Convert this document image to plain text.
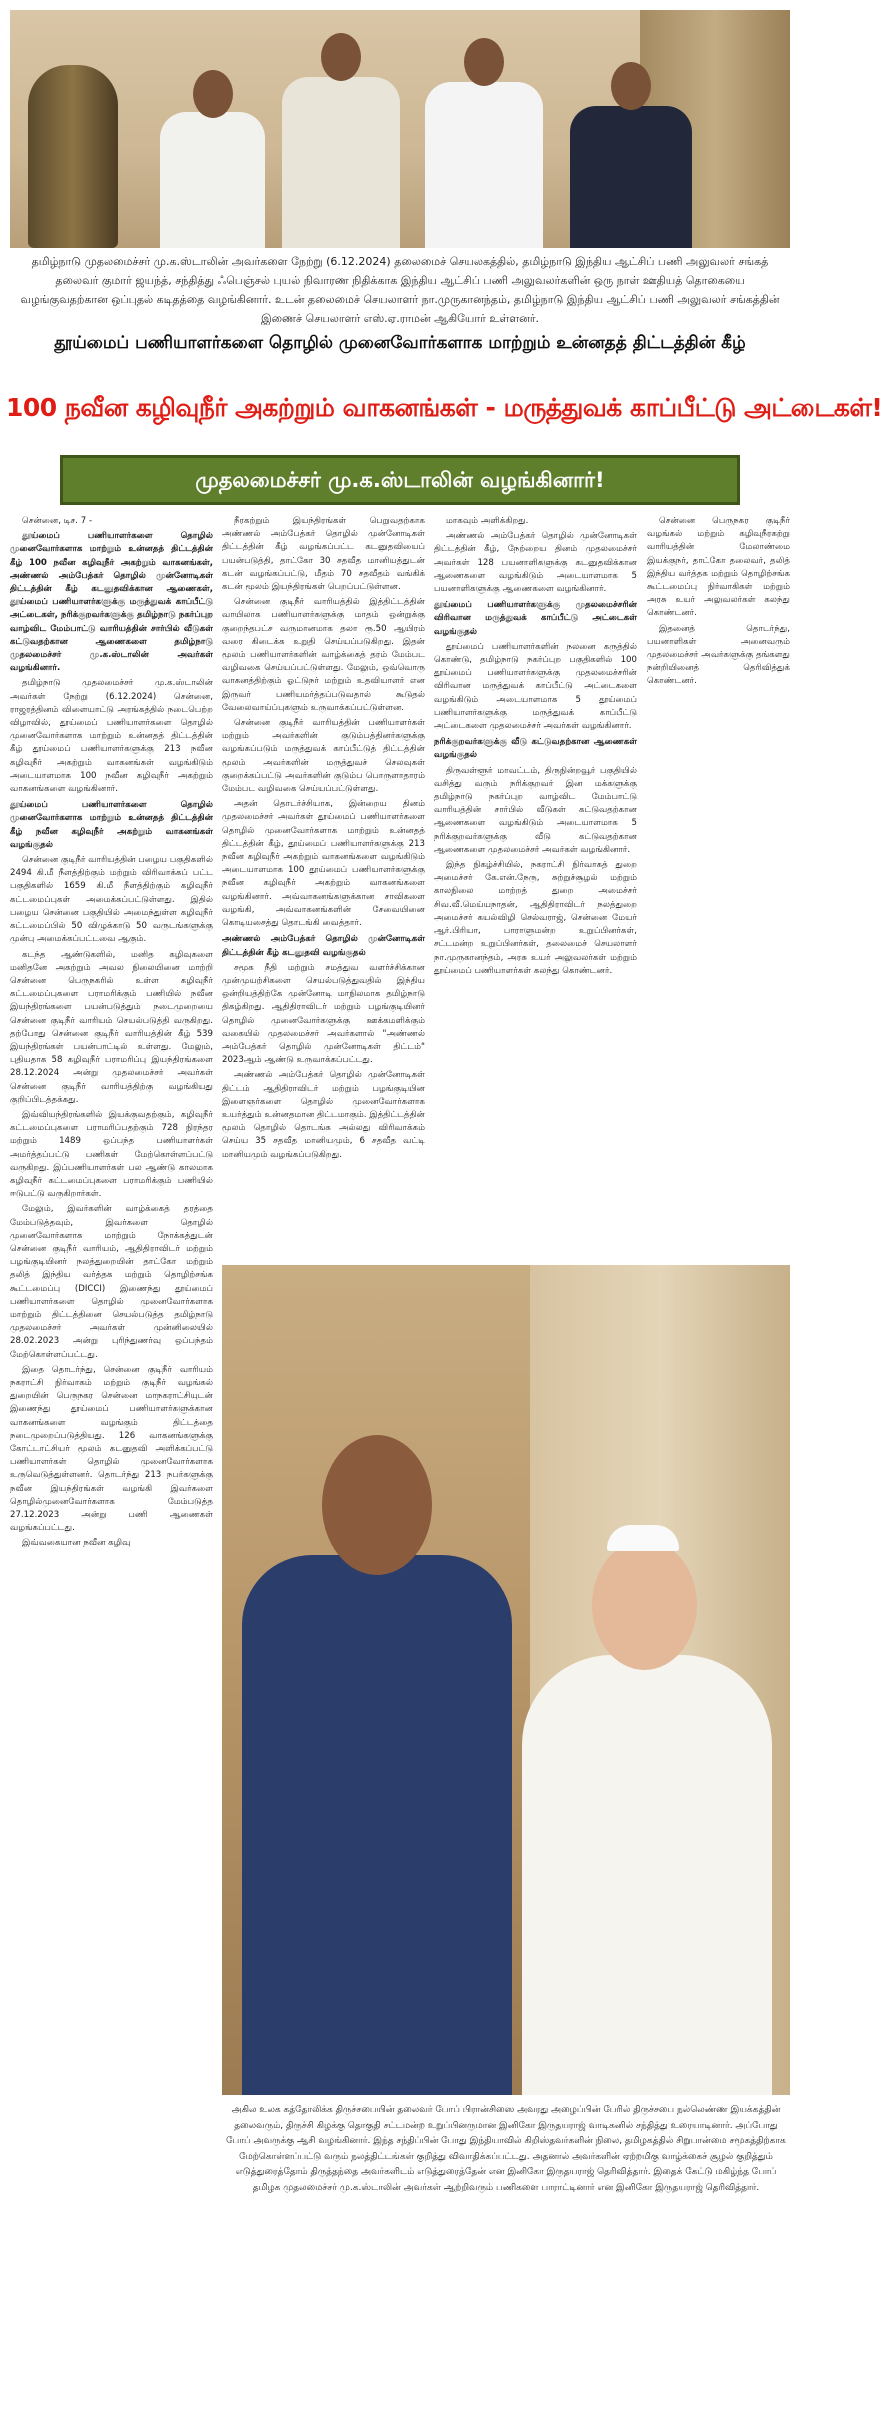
தமிழ்நாடு முதலமைச்சர் மு.க.ஸ்டாலின் அவர்களை நேற்று (6.12.2024) தலைமைச் செயலகத்தில், தமிழ்நாடு இந்திய ஆட்சிப் பணி அலுவலர் சங்கத் தலைவர் குமார் ஜயந்த், சந்தித்து ஃபெஞ்சல் புயல் நிவாரண நிதிக்காக இந்திய ஆட்சிப் பணி அலுவலர்களின் ஒரு நாள் ஊதியத் தொகையை வழங்குவதற்கான ஒப்புதல் கடிதத்தை வழங்கினார். உடன் தலைமைச் செயலாளர் நா.முருகானந்தம், தமிழ்நாடு இந்திய ஆட்சிப் பணி அலுவலர் சங்கத்தின் இணைச் செயலாளர் எஸ்.ஏ.ராமன் ஆகியோர் உள்ளனர்.

தூய்மைப் பணியாளர்களை தொழில் முனைவோர்களாக மாற்றும் உன்னதத் திட்டத்தின் கீழ்
100 நவீன கழிவுநீர் அகற்றும் வாகனங்கள் - மருத்துவக் காப்பீட்டு அட்டைகள்!
முதலமைச்சர் மு.க.ஸ்டாலின் வழங்கினார்!

சென்னை, டிச. 7 -

தூய்மைப் பணியாளர்களை தொழில் முனைவோர்களாக மாற்றும் உன்னதத் திட்டத்தின் கீழ் 100 நவீன கழிவுநீர் அகற்றும் வாகனங்கள், அண்ணல் அம்பேத்கர் தொழில் முன்னோடிகள் திட்டத்தின் கீழ் கடனுதவிக்கான ஆணைகள், தூய்மைப் பணியாளர்களுக்கு மருத்துவக் காப்பீட்டு அட்டைகள், நரிக்குறவர்களுக்கு தமிழ்நாடு நகர்ப்புற வாழ்விட மேம்பாட்டு வாரியத்தின் சார்பில் வீடுகள் கட்டுவதற்கான ஆணைகளை தமிழ்நாடு முதலமைச்சர் மு.க.ஸ்டாலின் அவர்கள் வழங்கினார்.

தமிழ்நாடு முதலமைச்சர் மு.க.ஸ்டாலின் அவர்கள் நேற்று (6.12.2024) சென்னை, ராஜரத்தினம் விளையாட்டு அரங்கத்தில் நடைபெற்ற விழாவில், தூய்மைப் பணியாளர்களை தொழில் முனைவோர்களாக மாற்றும் உன்னதத் திட்டத்தின் கீழ் தூய்மைப் பணியாளர்களுக்கு 213 நவீன கழிவுநீர் அகற்றும் வாகனங்கள் வழங்கிடும் அடையாளமாக 100 நவீன கழிவுநீர் அகற்றும் வாகனங்களை வழங்கினார்.

தூய்மைப் பணியாளர்களை தொழில் முனைவோர்களாக மாற்றும் உன்னதத் திட்டத்தின் கீழ் நவீன கழிவுநீர் அகற்றும் வாகனங்கள் வழங்குதல்

சென்னை குடிநீர் வாரியத்தின் பழைய பகுதிகளில் 2494 கி.மீ நீளத்திற்கும் மற்றும் விரிவாக்கப் பட்ட பகுதிகளில் 1659 கி.மீ நீளத்திற்கும் கழிவுநீர் கட்டமைப்புகள் அமைக்கப்பட்டுள்ளது. இதில் பழைய சென்னை பகுதியில் அமைந்துள்ள கழிவுநீர் கட்டமைப்பில் 50 விழுக்காடு 50 வருடங்களுக்கு முன்பு அமைக்கப்பட்டவை ஆகும்.

கடந்த ஆண்டுகளில், மனித கழிவுகளை மனிதனே அகற்றும் அவல நிலையினை மாற்றி சென்னை பெருநகரில் உள்ள கழிவுநீர் கட்டமைப்புகளை பராமரிக்கும் பணியில் நவீன இயந்திரங்களை பயன்படுத்தும் நடைமுறையை சென்னை குடிநீர் வாரியம் செயல்படுத்தி வருகிறது. தற்போது சென்னை குடிநீர் வாரியத்தின் கீழ் 539 இயந்திரங்கள் பயன்பாட்டில் உள்ளது. மேலும், புதியதாக 58 கழிவுநீர் பராமரிப்பு இயந்திரங்களை 28.12.2024 அன்று முதலமைச்சர் அவர்கள் சென்னை குடிநீர் வாரியத்திற்கு வழங்கியது குறிப்பிடத்தக்கது.

இவ்வியந்திரங்களில் இயக்குவதற்கும், கழிவுநீர் கட்டமைப்புகளை பராமரிப்பதற்கும் 728 நிரந்தர மற்றும் 1489 ஒப்பந்த பணியாளர்கள் அமர்த்தப்பட்டு பணிகள் மேற்கொள்ளப்பட்டு வருகிறது. இப்பணியாளர்கள் பல ஆண்டு காலமாக கழிவுநீர் கட்டமைப்புகளை பராமரிக்கும் பணியில் ஈடுபட்டு வருகிறார்கள்.

மேலும், இவர்களின் வாழ்க்கைத் தரத்தை மேம்படுத்தவும், இவர்களை தொழில் முனைவோர்களாக மாற்றும் நோக்கத்துடன் சென்னை குடிநீர் வாரியம், ஆதிதிராவிடர் மற்றும் பழங்குடியினர் நலத்துறையின் தாட்கோ மற்றும் தலித் இந்திய வர்த்தக மற்றும் தொழிற்சங்க கூட்டமைப்பு (DICCI) இணைந்து தூய்மைப் பணியாளர்களை தொழில் முனைவோர்களாக மாற்றும் திட்டத்தினை செயல்படுத்த தமிழ்நாடு முதலமைச்சர் அவர்கள் முன்னிலையில் 28.02.2023 அன்று புரிந்துணர்வு ஒப்பந்தம் மேற்கொள்ளப்பட்டது.

இதை தொடர்ந்து, சென்னை குடிநீர் வாரியம் நகராட்சி நிர்வாகம் மற்றும் குடிநீர் வழங்கல் துறையின் பெருநகர சென்னை மாநகராட்சியுடன் இணைந்து தூய்மைப் பணியாளர்களுக்கான வாகனங்களை வழங்கும் திட்டத்தை நடைமுறைப்படுத்தியது. 126 வாகனங்களுக்கு கோட்டாட்சியர் மூலம் கடனுதவி அளிக்கப்பட்டு பணியாளர்கள் தொழில் முனைவோர்களாக உருவெடுத்துள்ளனர். தொடர்ந்து 213 நபர்களுக்கு நவீன இயந்திரங்கள் வழங்கி இவர்களை தொழில்முனைவோர்களாக மேம்படுத்த 27.12.2023 அன்று பணி ஆணைகள் வழங்கப்பட்டது.

இவ்வகையான நவீன கழிவு

நீரகற்றும் இயந்திரங்கள் பெறுவதற்காக அண்ணல் அம்பேத்கர் தொழில் முன்னோடிகள் திட்டத்தின் கீழ் வழங்கப்பட்ட கடனுதவியைப் பயன்படுத்தி, தாட்கோ 30 சதவீத மானியத்துடன் கடன் வழங்கப்பட்டு, மீதம் 70 சதவீதம் வங்கிக் கடன் மூலம் இயந்திரங்கள் பெறப்பட்டுள்ளன.

சென்னை குடிநீர் வாரியத்தில் இத்திட்டத்தின் வாயிலாக பணியாளர்களுக்கு மாதம் ஒன்றுக்கு குறைந்தபட்ச வருமானமாக தலா ரூ.50 ஆயிரம் வரை கிடைக்க உறுதி செய்யப்படுகிறது. இதன் மூலம் பணியாளர்களின் வாழ்க்கைத் தரம் மேம்பட வழிவகை செய்யப்பட்டுள்ளது. மேலும், ஒவ்வொரு வாகனத்திற்கும் ஓட்டுநர் மற்றும் உதவியாளர் என இருவர் பணியமர்த்தப்படுவதால் கூடுதல் வேலைவாய்ப்புகளும் உருவாக்கப்பட்டுள்ளன.

சென்னை குடிநீர் வாரியத்தின் பணியாளர்கள் மற்றும் அவர்களின் குடும்பத்தினர்களுக்கு வழங்கப்படும் மருத்துவக் காப்பீட்டுத் திட்டத்தின் மூலம் அவர்களின் மருத்துவச் செலவுகள் குறைக்கப்பட்டு அவர்களின் குடும்ப பொருளாதாரம் மேம்பட வழிவகை செய்யப்பட்டுள்ளது.

அதன் தொடர்ச்சியாக, இன்றைய தினம் முதலமைச்சர் அவர்கள் தூய்மைப் பணியாளர்களை தொழில் முனைவோர்களாக மாற்றும் உன்னதத் திட்டத்தின் கீழ், தூய்மைப் பணியாளர்களுக்கு 213 நவீன கழிவுநீர் அகற்றும் வாகனங்களை வழங்கிடும் அடையாளமாக 100 தூய்மைப் பணியாளர்களுக்கு நவீன கழிவுநீர் அகற்றும் வாகனங்களை வழங்கினார். அவ்வாகனங்களுக்கான சாவிகளை வழங்கி, அவ்வாகனங்களின் சேவையினை கொடியசைத்து தொடங்கி வைத்தார்.

அண்ணல் அம்பேத்கர் தொழில் முன்னோடிகள் திட்டத்தின் கீழ் கடனுதவி வழங்குதல்

சமூக நீதி மற்றும் சமத்துவ வளர்ச்சிக்கான முன்முயற்சிகளை செயல்படுத்துவதில் இந்திய ஒன்றியத்திற்கே முன்னோடி மாநிலமாக தமிழ்நாடு திகழ்கிறது. ஆதிதிராவிடர் மற்றும் பழங்குடியினர் தொழில் முனைவோர்களுக்கு ஊக்கமளிக்கும் வகையில் முதலமைச்சர் அவர்களால் "அண்ணல் அம்பேத்கர் தொழில் முன்னோடிகள் திட்டம்" 2023ஆம் ஆண்டு உருவாக்கப்பட்டது.

அண்ணல் அம்பேத்கர் தொழில் முன்னோடிகள் திட்டம் ஆதிதிராவிடர் மற்றும் பழங்குடியின இளைஞர்களை தொழில் முனைவோர்களாக உயர்த்தும் உன்னதமான திட்டமாகும். இத்திட்டத்தின் மூலம் தொழில் தொடங்க அல்லது விரிவாக்கம் செய்ய 35 சதவீத மானியமும், 6 சதவீத வட்டி மானியமும் வழங்கப்படுகிறது.

மாகவும் அளிக்கிறது.

அண்ணல் அம்பேத்கர் தொழில் முன்னோடிகள் திட்டத்தின் கீழ், நேற்றைய தினம் முதலமைச்சர் அவர்கள் 128 பயனாளிகளுக்கு கடனுதவிக்கான ஆணைகளை வழங்கிடும் அடையாளமாக 5 பயனாளிகளுக்கு ஆணைகளை வழங்கினார்.

தூய்மைப் பணியாளர்களுக்கு முதலமைச்சரின் விரிவான மருத்துவக் காப்பீட்டு அட்டைகள் வழங்குதல்

தூய்மைப் பணியாளர்களின் நலனை கருத்தில் கொண்டு, தமிழ்நாடு நகர்ப்புற பகுதிகளில் 100 தூய்மைப் பணியாளர்களுக்கு முதலமைச்சரின் விரிவான மருத்துவக் காப்பீட்டு அட்டைகளை வழங்கிடும் அடையாளமாக 5 தூய்மைப் பணியாளர்களுக்கு மருத்துவக் காப்பீட்டு அட்டைகளை முதலமைச்சர் அவர்கள் வழங்கினார்.

நரிக்குறவர்களுக்கு வீடு கட்டுவதற்கான ஆணைகள் வழங்குதல்

திருவள்ளூர் மாவட்டம், திருநின்றவூர் பகுதியில் வசித்து வரும் நரிக்குறவர் இன மக்களுக்கு தமிழ்நாடு நகர்ப்புற வாழ்விட மேம்பாட்டு வாரியத்தின் சார்பில் வீடுகள் கட்டுவதற்கான ஆணைகளை வழங்கிடும் அடையாளமாக 5 நரிக்குறவர்களுக்கு வீடு கட்டுவதற்கான ஆணைகளை முதலமைச்சர் அவர்கள் வழங்கினார்.

இந்த நிகழ்ச்சியில், நகராட்சி நிர்வாகத் துறை அமைச்சர் கே.என்.நேரு, சுற்றுச்சூழல் மற்றும் காலநிலை மாற்றத் துறை அமைச்சர் சிவ.வீ.மெய்யநாதன், ஆதிதிராவிடர் நலத்துறை அமைச்சர் கயல்விழி செல்வராஜ், சென்னை மேயர் ஆர்.பிரியா, பாராளுமன்ற உறுப்பினர்கள், சட்டமன்ற உறுப்பினர்கள், தலைமைச் செயலாளர் நா.முருகானந்தம், அரசு உயர் அலுவலர்கள் மற்றும் தூய்மைப் பணியாளர்கள் கலந்து கொண்டனர்.

சென்னை பெருநகர குடிநீர் வழங்கல் மற்றும் கழிவுநீரகற்று வாரியத்தின் மேலாண்மை இயக்குநர், தாட்கோ தலைவர், தலித் இந்திய வர்த்தக மற்றும் தொழிற்சங்க கூட்டமைப்பு நிர்வாகிகள் மற்றும் அரசு உயர் அலுவலர்கள் கலந்து கொண்டனர்.

இதனைத் தொடர்ந்து, பயனாளிகள் அனைவரும் முதலமைச்சர் அவர்களுக்கு தங்களது நன்றியினைத் தெரிவித்துக் கொண்டனர்.

அகில உலக கத்தோலிக்க திருச்சபையின் தலைவர் போப் பிரான்சிஸை அவரது அழைப்பின் பேரில் திருச்சபை நல்லெண்ண இயக்கத்தின் தலைவரும், திருச்சி கிழக்கு தொகுதி சட்டமன்ற உறுப்பினருமான இனிகோ இருதயராஜ் வாடிகனில் சந்தித்து உரையாடினார். அப்போது போப் அவருக்கு ஆசி வழங்கினார். இந்த சந்திப்பின் போது இந்தியாவில் கிறிஸ்தவர்களின் நிலை, தமிழகத்தில் சிறுபான்மை சமூகத்திற்காக மேற்கொள்ளப்பட்டு வரும் நலத்திட்டங்கள் குறித்து விவாதிக்கப்பட்டது. அதனால் அவர்களின் ஏற்றமிகு வாழ்க்கைச் சூழல் குறித்தும் எடுத்துரைத்தோம் திருத்தந்தை அவர்களிடம் எடுத்துரைத்தேன் என இனிகோ இருதயராஜ் தெரிவித்தார். இதைக் கேட்டு மகிழ்ந்த போப் தமிழக முதலமைச்சர் மு.க.ஸ்டாலின் அவர்கள் ஆற்றிவரும் பணிகளை பாராட்டினார் என இனிகோ இருதயராஜ் தெரிவித்தார்.
